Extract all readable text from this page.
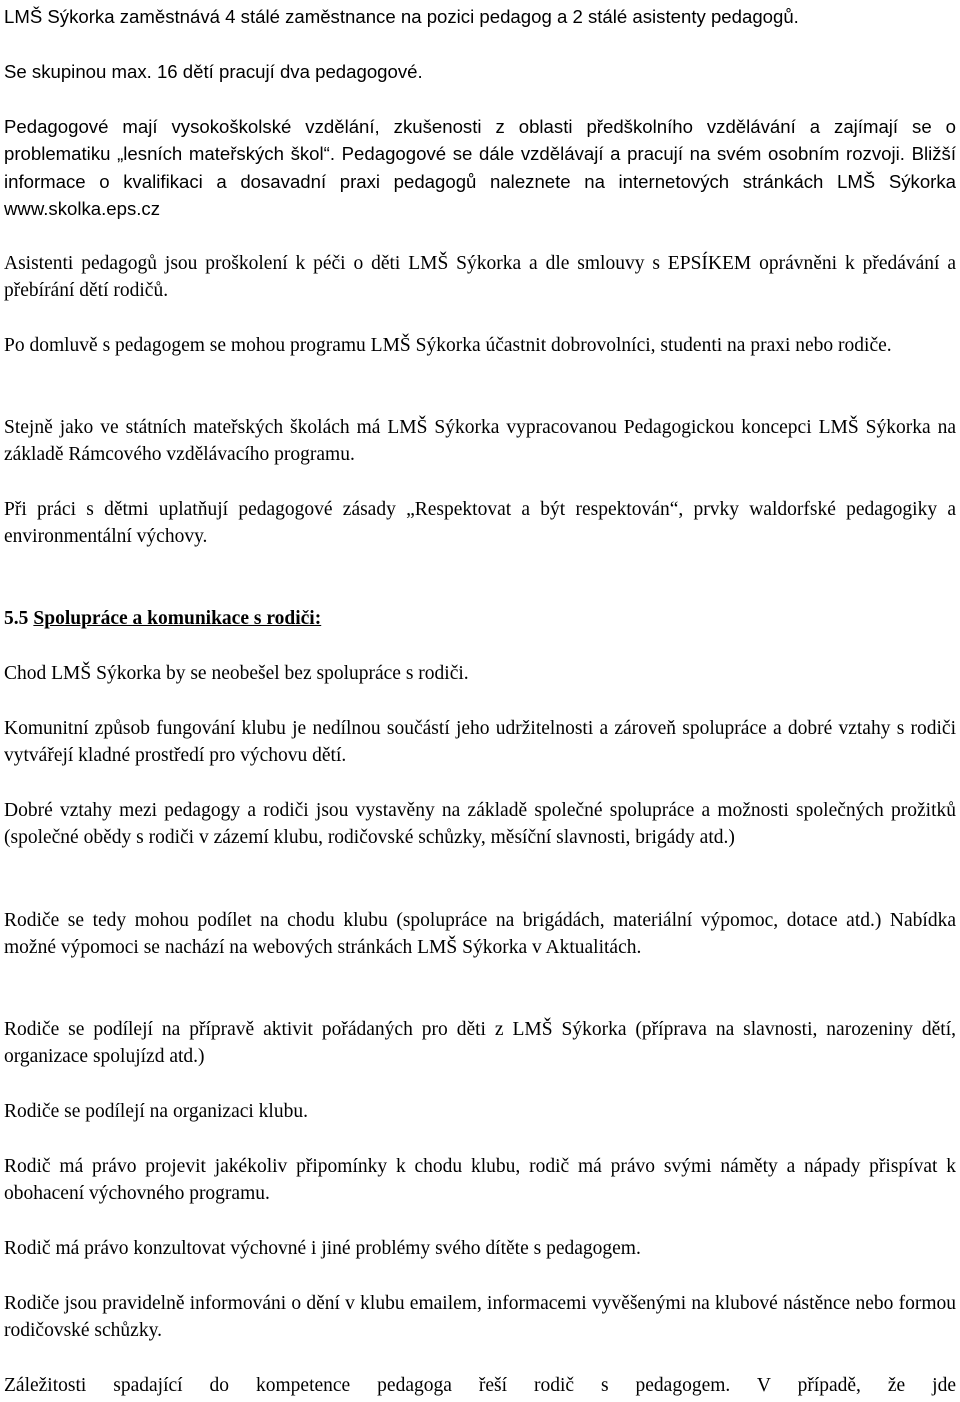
LMŠ Sýkorka zaměstnává 4 stálé zaměstnance na pozici pedagog a 2 stálé asistenty pedagogů.

Se skupinou max. 16 dětí pracují dva pedagogové.

Pedagogové mají vysokoškolské vzdělání, zkušenosti z oblasti předškolního vzdělávání a zajímají se o problematiku „lesních mateřských škol“. Pedagogové se dále vzdělávají a pracují na svém osobním rozvoji. Bližší informace o kvalifikaci a dosavadní praxi pedagogů naleznete na internetových stránkách LMŠ Sýkorka www.skolka.eps.cz

Asistenti pedagogů jsou proškolení k péči o děti LMŠ Sýkorka a dle smlouvy s EPSÍKEM oprávněni k předávání a přebírání dětí rodičů.

Po domluvě s pedagogem se mohou programu LMŠ Sýkorka účastnit dobrovolníci, studenti na praxi nebo rodiče.

Stejně jako ve státních mateřských školách má LMŠ Sýkorka vypracovanou Pedagogickou koncepci LMŠ Sýkorka na základě Rámcového vzdělávacího programu.

Při práci s dětmi uplatňují pedagogové zásady „Respektovat a být respektován“, prvky waldorfské pedagogiky a environmentální výchovy.

5.5 Spolupráce a komunikace s rodiči:

Chod LMŠ Sýkorka by se neobešel bez spolupráce s rodiči.

Komunitní způsob fungování klubu je nedílnou součástí jeho udržitelnosti a zároveň spolupráce a dobré vztahy s rodiči vytvářejí kladné prostředí pro výchovu dětí.

Dobré vztahy mezi pedagogy a rodiči jsou vystavěny na základě společné spolupráce a možnosti společných prožitků (společné obědy s rodiči v zázemí klubu, rodičovské schůzky, měsíční slavnosti, brigády atd.)

Rodiče se tedy mohou podílet na chodu klubu (spolupráce na brigádách, materiální výpomoc, dotace atd.) Nabídka možné výpomoci se nachází na webových stránkách LMŠ Sýkorka v Aktualitách.

Rodiče se podílejí na přípravě aktivit pořádaných pro děti z LMŠ Sýkorka (příprava na slavnosti, narozeniny dětí, organizace spolujízd atd.)

Rodiče se podílejí na organizaci klubu.

Rodič má právo projevit jakékoliv připomínky k chodu klubu, rodič má právo svými náměty a nápady přispívat k obohacení výchovného programu.

Rodič má právo konzultovat výchovné i jiné problémy svého dítěte s pedagogem.

Rodiče jsou pravidelně informováni o dění v klubu emailem, informacemi vyvěšenými na klubové nástěnce nebo formou rodičovské schůzky.

Záležitosti spadající do kompetence pedagoga řeší rodič s pedagogem. V případě, že jde
